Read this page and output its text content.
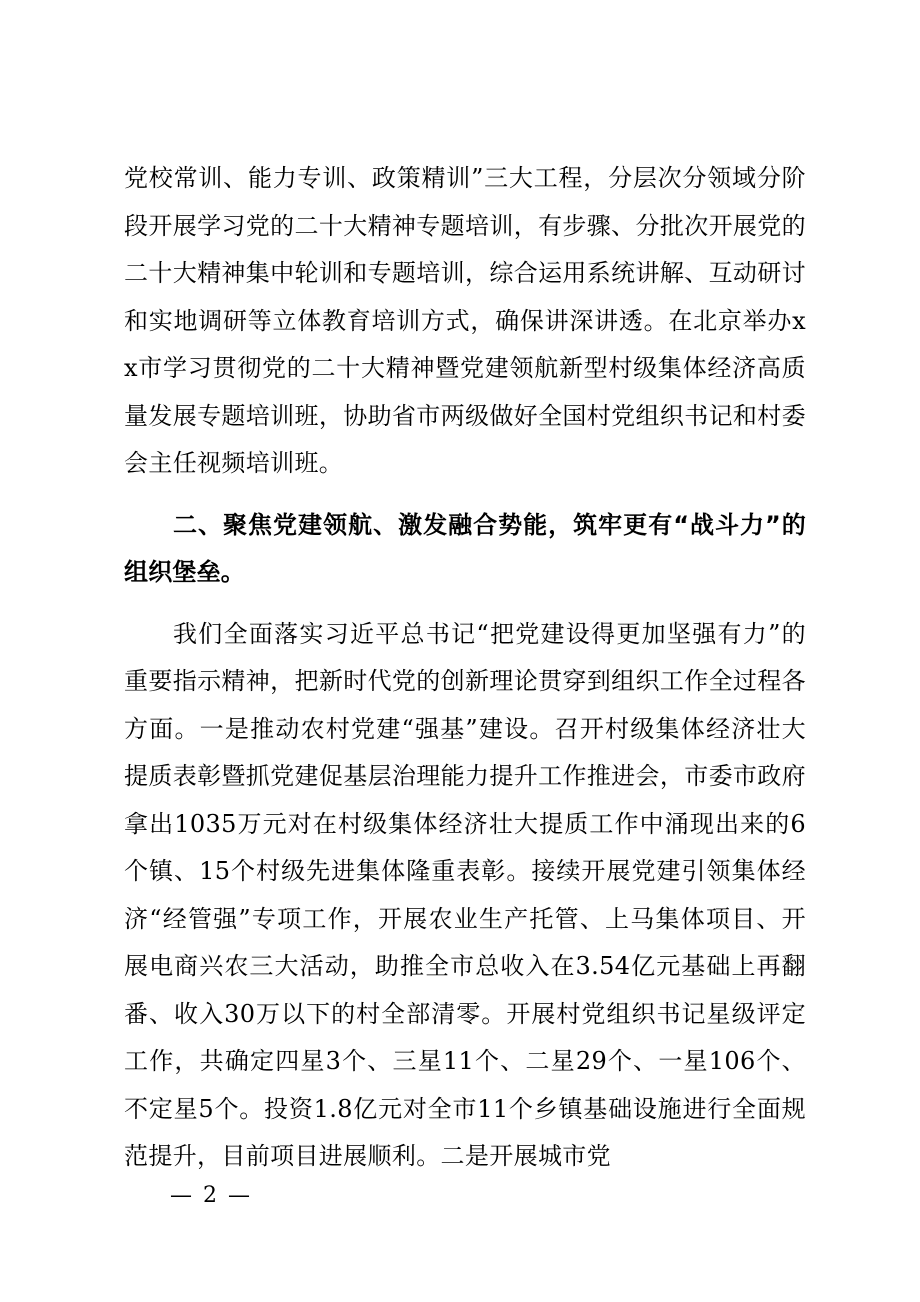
党校常训、能力专训、政策精训”三大工程，分层次分领域分阶段开展学习党的二十大精神专题培训，有步骤、分批次开展党的二十大精神集中轮训和专题培训，综合运用系统讲解、互动研讨和实地调研等立体教育培训方式，确保讲深讲透。在北京举办xx市学习贯彻党的二十大精神暨党建领航新型村级集体经济高质量发展专题培训班，协助省市两级做好全国村党组织书记和村委会主任视频培训班。

二、聚焦党建领航、激发融合势能，筑牢更有“战斗力”的组织堡垒。

我们全面落实习近平总书记“把党建设得更加坚强有力”的重要指示精神，把新时代党的创新理论贯穿到组织工作全过程各方面。一是推动农村党建“强基”建设。召开村级集体经济壮大提质表彰暨抓党建促基层治理能力提升工作推进会，市委市政府拿出1035万元对在村级集体经济壮大提质工作中涌现出来的6个镇、15个村级先进集体隆重表彰。接续开展党建引领集体经济“经管强”专项工作，开展农业生产托管、上马集体项目、开展电商兴农三大活动，助推全市总收入在3.54亿元基础上再翻番、收入30万以下的村全部清零。开展村党组织书记星级评定工作，共确定四星3个、三星11个、二星29个、一星106个、不定星5个。投资1.8亿元对全市11个乡镇基础设施进行全面规范提升，目前项目进展顺利。二是开展城市党

— 2 —
